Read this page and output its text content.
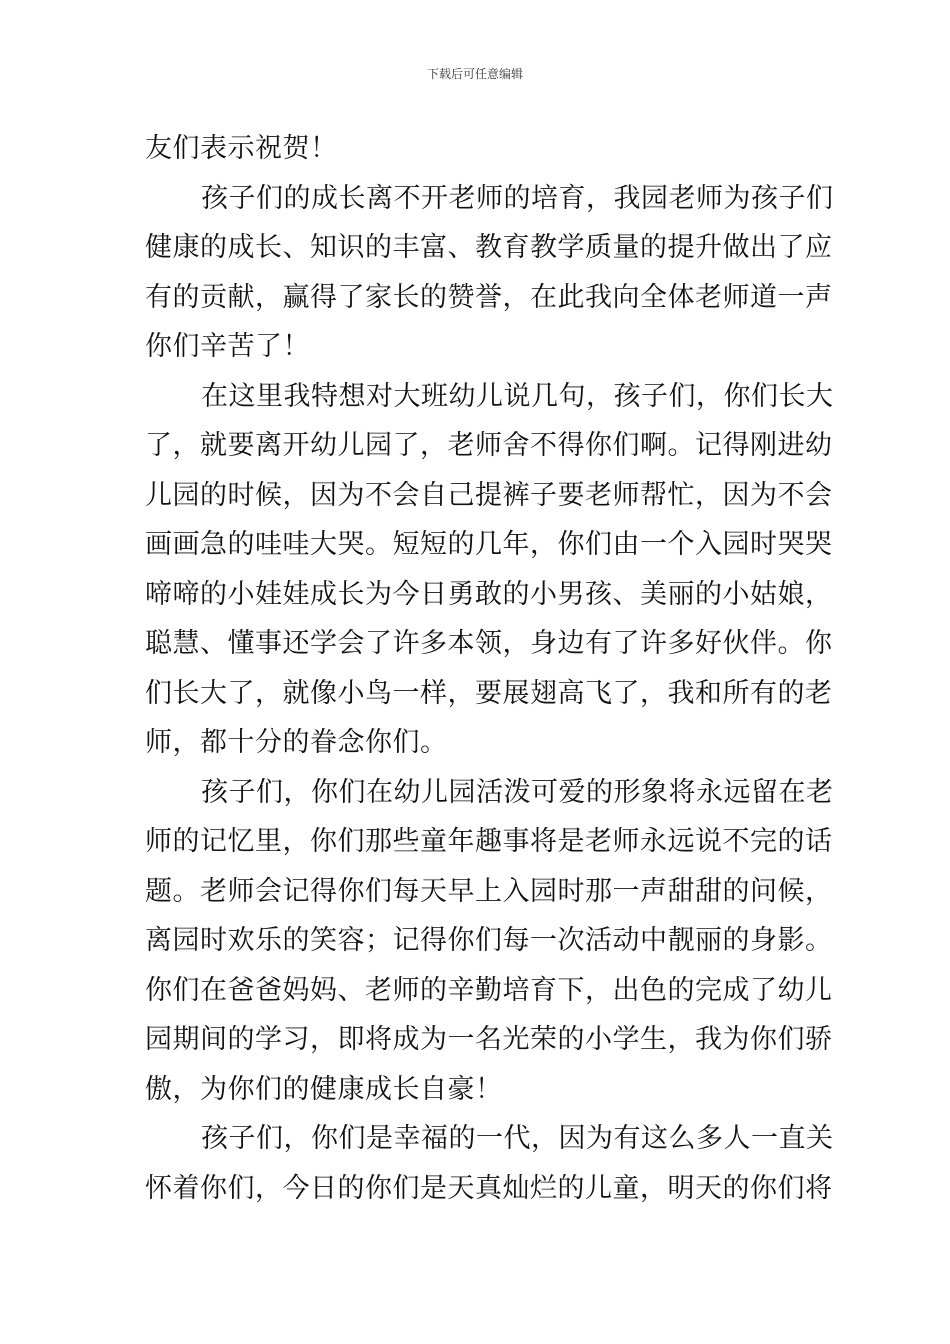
下载后可任意编辑
友们表示祝贺！
孩子们的成长离不开老师的培育，我园老师为孩子们
健康的成长、知识的丰富、教育教学质量的提升做出了应
有的贡献，赢得了家长的赞誉，在此我向全体老师道一声
你们辛苦了！
在这里我特想对大班幼儿说几句，孩子们，你们长大
了，就要离开幼儿园了，老师舍不得你们啊。记得刚进幼
儿园的时候，因为不会自己提裤子要老师帮忙，因为不会
画画急的哇哇大哭。短短的几年，你们由一个入园时哭哭
啼啼的小娃娃成长为今日勇敢的小男孩、美丽的小姑娘，
聪慧、懂事还学会了许多本领，身边有了许多好伙伴。你
们长大了，就像小鸟一样，要展翅高飞了，我和所有的老
师，都十分的眷念你们。
孩子们，你们在幼儿园活泼可爱的形象将永远留在老
师的记忆里，你们那些童年趣事将是老师永远说不完的话
题。老师会记得你们每天早上入园时那一声甜甜的问候，
离园时欢乐的笑容；记得你们每一次活动中靓丽的身影。
你们在爸爸妈妈、老师的辛勤培育下，出色的完成了幼儿
园期间的学习，即将成为一名光荣的小学生，我为你们骄
傲，为你们的健康成长自豪！
孩子们，你们是幸福的一代，因为有这么多人一直关
怀着你们，今日的你们是天真灿烂的儿童，明天的你们将
